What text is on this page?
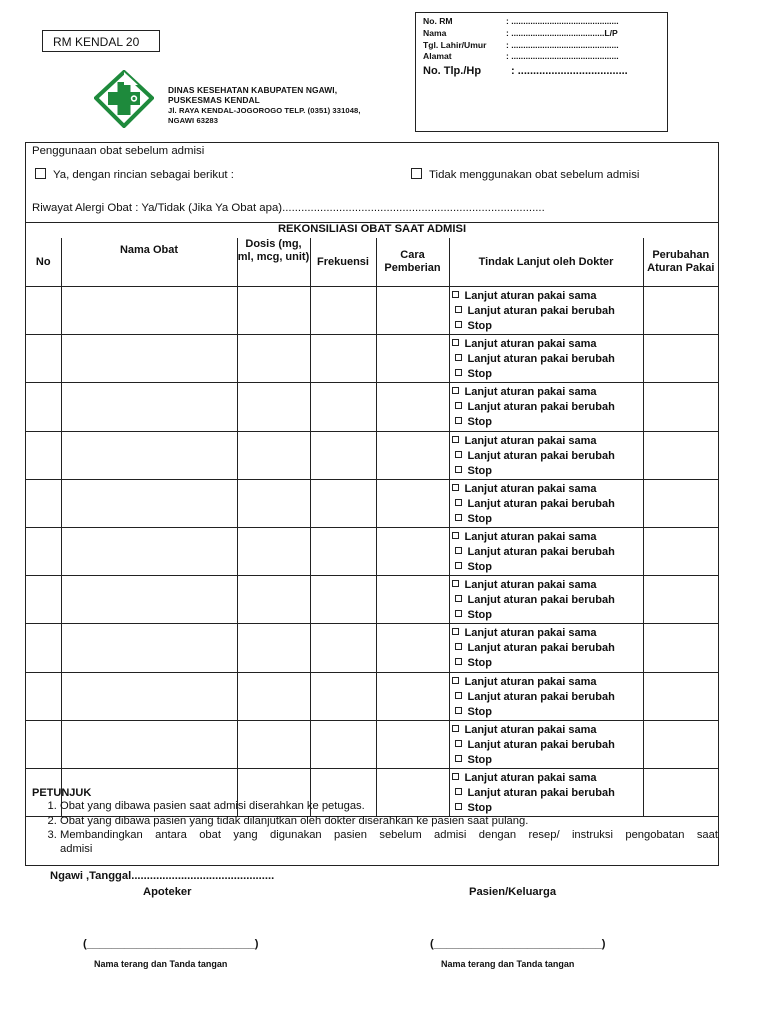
RM KENDAL 20
DINAS KESEHATAN KABUPATEN NGAWI,
PUSKESMAS KENDAL
Jl. RAYA KENDAL-JOGOROGO TELP. (0351) 331048,
NGAWI 63283
No. RM	: .............................................
Nama	: .......................................L/P
Tgl. Lahir/Umur	: .............................................
Alamat	: .............................................
No. Tlp./Hp	: ....................................
Penggunaan obat sebelum admisi
Ya, dengan rincian sebagai berikut :	Tidak menggunakan obat sebelum admisi
Riwayat Alergi Obat : Ya/Tidak (Jika Ya Obat apa)...................................................................................
REKONSILIASI OBAT SAAT ADMISI
No	Nama Obat	Dosis (mg, ml, mcg, unit)	Frekuensi	Cara Pemberian	Tindak Lanjut oleh Dokter	Perubahan Aturan Pakai

					Lanjut aturan pakai sama
Lanjut aturan pakai berubah
Stop	

					Lanjut aturan pakai sama
Lanjut aturan pakai berubah
Stop	

					Lanjut aturan pakai sama
Lanjut aturan pakai berubah
Stop	

					Lanjut aturan pakai sama
Lanjut aturan pakai berubah
Stop	

					Lanjut aturan pakai sama
Lanjut aturan pakai berubah
Stop	

					Lanjut aturan pakai sama
Lanjut aturan pakai berubah
Stop	

					Lanjut aturan pakai sama
Lanjut aturan pakai berubah
Stop	

					Lanjut aturan pakai sama
Lanjut aturan pakai berubah
Stop	

					Lanjut aturan pakai sama
Lanjut aturan pakai berubah
Stop	

					Lanjut aturan pakai sama
Lanjut aturan pakai berubah
Stop	

					Lanjut aturan pakai sama
Lanjut aturan pakai berubah
Stop	

PETUNJUK
1. Obat yang dibawa pasien saat admisi diserahkan ke petugas.
2. Obat yang dibawa pasien yang tidak dilanjutkan oleh dokter diserahkan ke pasien saat pulang.
3. Membandingkan antara obat yang digunakan pasien sebelum admisi dengan resep/ instruksi pengobatan saat
admisi
Ngawi ,Tanggal..............................................
Apoteker	Pasien/Keluarga
(___________________________)	(___________________________)
Nama terang dan Tanda tangan	Nama terang dan Tanda tangan
